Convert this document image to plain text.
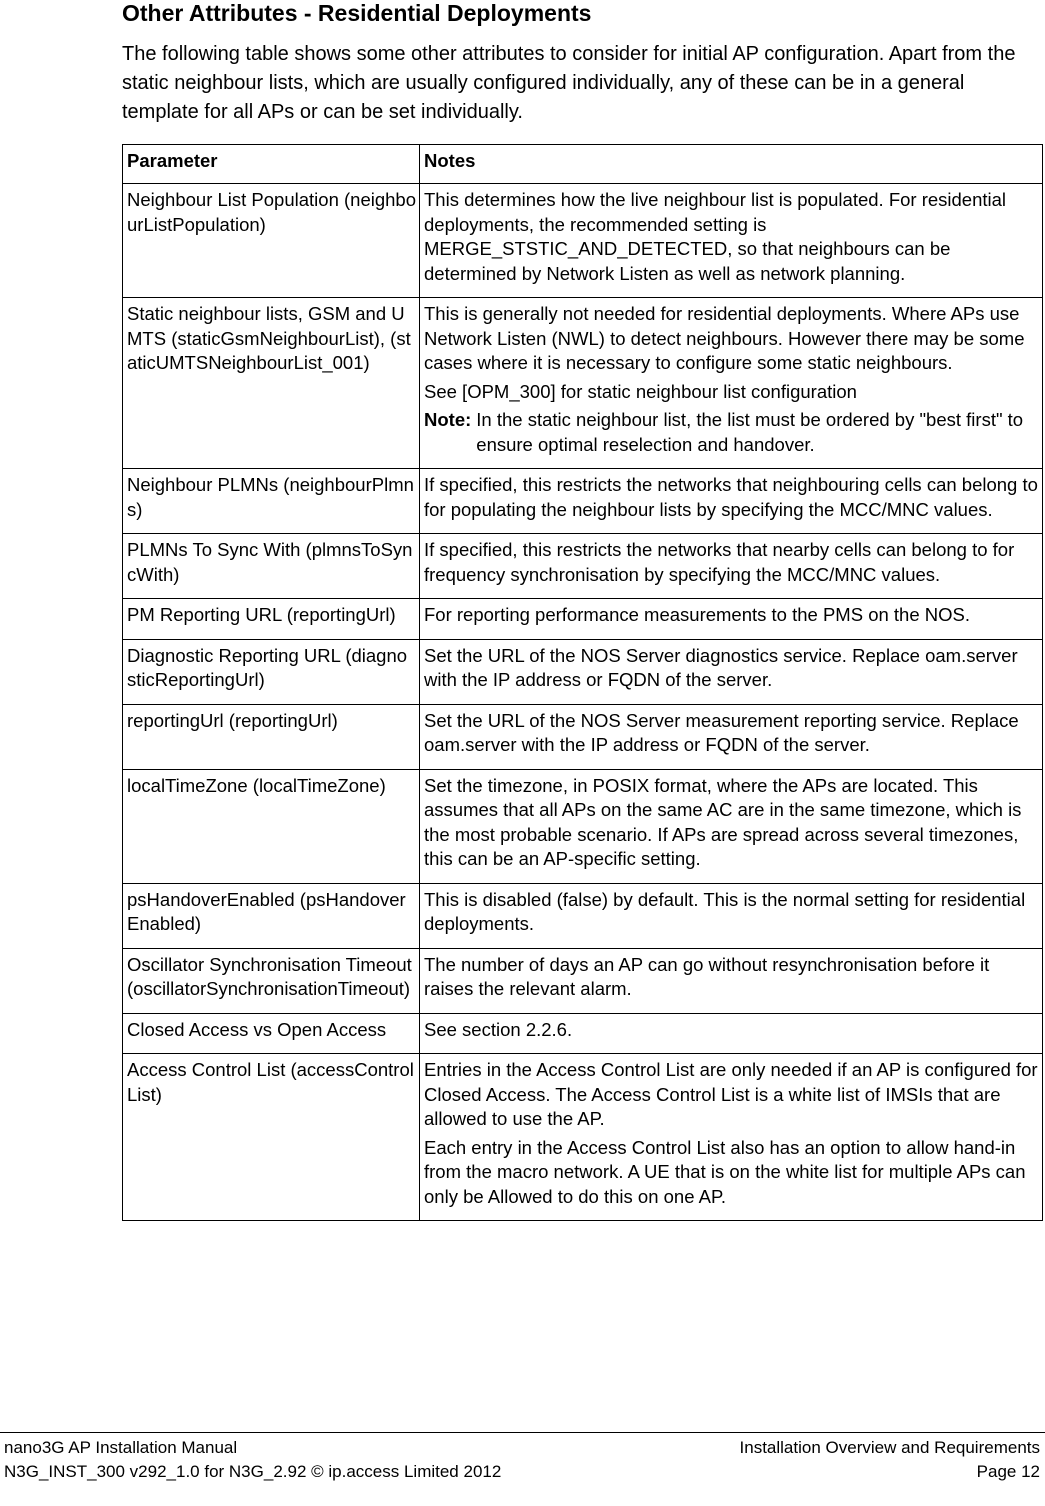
Other Attributes - Residential Deployments

The following table shows some other attributes to consider for initial AP configuration. Apart from the static neighbour lists, which are usually configured individually, any of these can be in a general template for all APs or can be set individually.

Parameter	Notes
Neighbour List Population (neighbourListPopulation)	This determines how the live neighbour list is populated. For residential deployments, the recommended setting is MERGE_STSTIC_AND_DETECTED, so that neighbours can be determined by Network Listen as well as network planning.

Static neighbour lists, GSM and UMTS (staticGsmNeighbourList), (staticUMTSNeighbourList_001)	This is generally not needed for residential deployments. Where APs use Network Listen (NWL) to detect neighbours. However there may be some cases where it is necessary to configure some static neighbours.

See [OPM_300] for static neighbour list configuration

Note: In the static neighbour list, the list must be ordered by "best first" to ensure optimal reselection and handover.

Neighbour PLMNs (neighbourPlmns)	If specified, this restricts the networks that neighbouring cells can belong to for populating the neighbour lists by specifying the MCC/MNC values.

PLMNs To Sync With (plmnsToSyncWith)	If specified, this restricts the networks that nearby cells can belong to for frequency synchronisation by specifying the MCC/MNC values.

PM Reporting URL (reportingUrl)	For reporting performance measurements to the PMS on the NOS.

Diagnostic Reporting URL (diagnosticReportingUrl)	Set the URL of the NOS Server diagnostics service. Replace oam.server with the IP address or FQDN of the server.

reportingUrl (reportingUrl)	Set the URL of the NOS Server measurement reporting service. Replace oam.server with the IP address or FQDN of the server.

localTimeZone (localTimeZone)	Set the timezone, in POSIX format, where the APs are located. This assumes that all APs on the same AC are in the same timezone, which is the most probable scenario. If APs are spread across several timezones, this can be an AP-specific setting.

psHandoverEnabled (psHandoverEnabled)	This is disabled (false) by default. This is the normal setting for residential deployments.

Oscillator Synchronisation Timeout (oscillatorSynchronisationTimeout)	The number of days an AP can go without resynchronisation before it raises the relevant alarm.

Closed Access vs Open Access	See section 2.2.6.

Access Control List (accessControlList)	Entries in the Access Control List are only needed if an AP is configured for Closed Access. The Access Control List is a white list of IMSIs that are allowed to use the AP.

Each entry in the Access Control List also has an option to allow hand-in from the macro network. A UE that is on the white list for multiple APs can only be Allowed to do this on one AP.

nano3G AP Installation Manual	Installation Overview and Requirements
N3G_INST_300 v292_1.0 for N3G_2.92 © ip.access Limited 2012	Page 12
